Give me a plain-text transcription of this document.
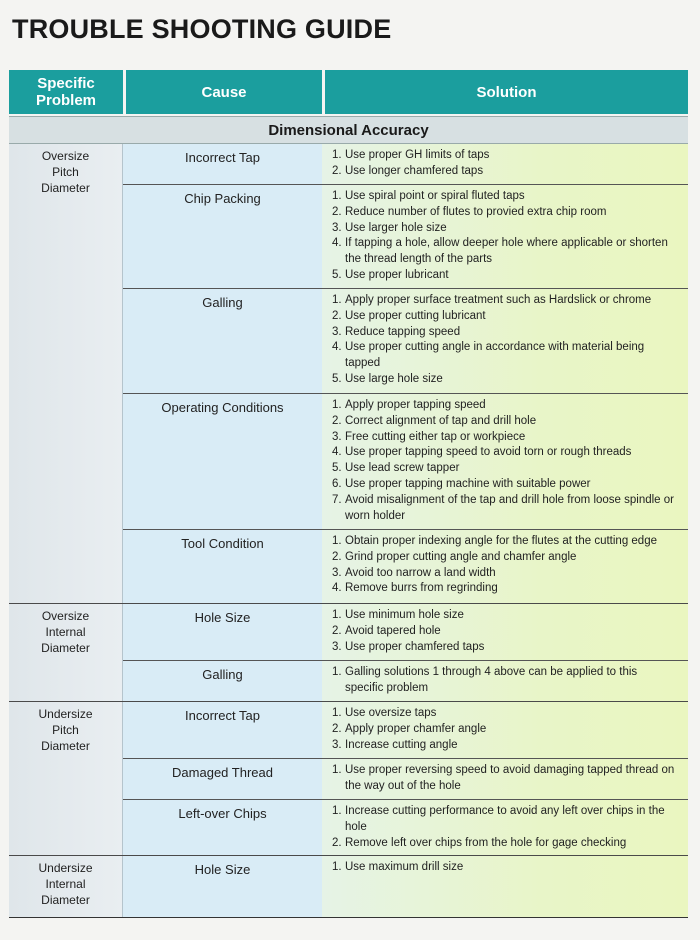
TROUBLE SHOOTING GUIDE
Specific
Problem	Cause	Solution
Dimensional Accuracy
Oversize
Pitch
Diameter
Incorrect Tap	1. Use proper GH limits of taps
2. Use longer chamfered taps
Chip Packing	1. Use spiral point or spiral fluted taps
2. Reduce number of flutes to provied extra chip room
3. Use larger hole size
4. If tapping a hole, allow deeper hole where applicable or shorten the thread length of the parts
5. Use proper lubricant
Galling	1. Apply proper surface treatment such as Hardslick or chrome
2. Use proper cutting lubricant
3. Reduce tapping speed
4. Use proper cutting angle in accordance with material being tapped
5. Use large hole size
Operating Conditions	1. Apply proper tapping speed
2. Correct alignment of tap and drill hole
3. Free cutting either tap or workpiece
4. Use proper tapping speed to avoid torn or rough threads
5. Use lead screw tapper
6. Use proper tapping machine with suitable power
7. Avoid misalignment of the tap and drill hole from loose spindle or worn holder
Tool Condition	1. Obtain proper indexing angle for the flutes at the cutting edge
2. Grind proper cutting angle and chamfer angle
3. Avoid too narrow a land width
4. Remove burrs from regrinding
Oversize
Internal
Diameter
Hole Size	1. Use minimum hole size
2. Avoid tapered hole
3. Use proper chamfered taps
Galling	1. Galling solutions 1 through 4 above can be applied to this specific problem
Undersize
Pitch
Diameter
Incorrect Tap	1. Use oversize taps
2. Apply proper chamfer angle
3. Increase cutting angle
Damaged Thread	1. Use proper reversing speed to avoid damaging tapped thread on the way out of the hole
Left-over Chips	1. Increase cutting performance to avoid any left over chips in the hole
2. Remove left over chips from the hole for gage checking
Undersize
Internal
Diameter
Hole Size	1. Use maximum drill size
